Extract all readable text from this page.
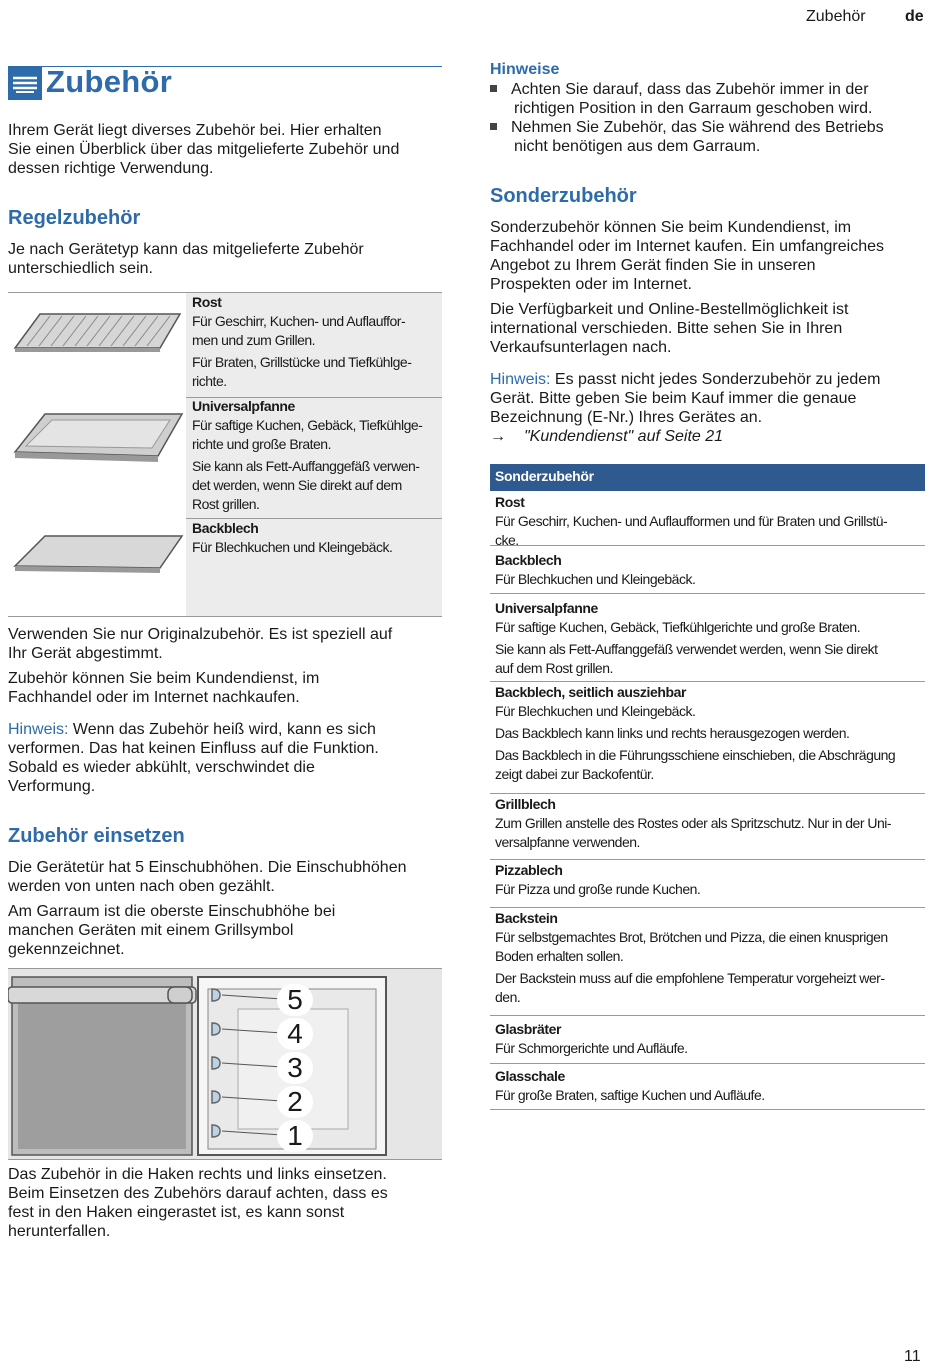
Zubehör de
Zubehör

Ihrem Gerät liegt diverses Zubehör bei. Hier erhalten

Sie einen Überblick über das mitgelieferte Zubehör und

dessen richtige Verwendung.

Regelzubehör

Je nach Gerätetyp kann das mitgelieferte Zubehör

unterschiedlich sein.

Rost
Für Geschirr, Kuchen- und Auflauffor-
men und zum Grillen.
Für Braten, Grillstücke und Tiefkühlge-
richte.
Universalpfanne
Für saftige Kuchen, Gebäck, Tiefkühlge-
richte und große Braten.
Sie kann als Fett-Auffanggefäß verwen-
det werden, wenn Sie direkt auf dem
Rost grillen.
Backblech
Für Blechkuchen und Kleingebäck.

Verwenden Sie nur Originalzubehör. Es ist speziell auf

Ihr Gerät abgestimmt.

Zubehör können Sie beim Kundendienst, im

Fachhandel oder im Internet nachkaufen.

Hinweis: Wenn das Zubehör heiß wird, kann es sich

verformen. Das hat keinen Einfluss auf die Funktion.

Sobald es wieder abkühlt, verschwindet die

Verformung.

Zubehör einsetzen

Die Gerätetür hat 5 Einschubhöhen. Die Einschubhöhen

werden von unten nach oben gezählt.

Am Garraum ist die oberste Einschubhöhe bei

manchen Geräten mit einem Grillsymbol

gekennzeichnet.

5
4
3
2
1

Das Zubehör in die Haken rechts und links einsetzen.

Beim Einsetzen des Zubehörs darauf achten, dass es

fest in den Haken eingerastet ist, es kann sonst

herunterfallen.

Hinweise

Achten Sie darauf, dass das Zubehör immer in der

richtigen Position in den Garraum geschoben wird.

Nehmen Sie Zubehör, das Sie während des Betriebs

nicht benötigen aus dem Garraum.

Sonderzubehör

Sonderzubehör können Sie beim Kundendienst, im

Fachhandel oder im Internet kaufen. Ein umfangreiches

Angebot zu Ihrem Gerät finden Sie in unseren

Prospekten oder im Internet.

Die Verfügbarkeit und Online-Bestellmöglichkeit ist

international verschieden. Bitte sehen Sie in Ihren

Verkaufsunterlagen nach.

Hinweis: Es passt nicht jedes Sonderzubehör zu jedem

Gerät. Bitte geben Sie beim Kauf immer die genaue

Bezeichnung (E-Nr.) Ihres Gerätes an.

→ "Kundendienst" auf Seite 21

Sonderzubehör
Rost
Für Geschirr, Kuchen- und Auflaufformen und für Braten und Grillstü-
cke.
Backblech
Für Blechkuchen und Kleingebäck.
Universalpfanne
Für saftige Kuchen, Gebäck, Tiefkühlgerichte und große Braten.
Sie kann als Fett-Auffanggefäß verwendet werden, wenn Sie direkt
auf dem Rost grillen.
Backblech, seitlich ausziehbar
Für Blechkuchen und Kleingebäck.
Das Backblech kann links und rechts herausgezogen werden.
Das Backblech in die Führungsschiene einschieben, die Abschrägung
zeigt dabei zur Backofentür.
Grillblech
Zum Grillen anstelle des Rostes oder als Spritzschutz. Nur in der Uni-
versalpfanne verwenden.
Pizzablech
Für Pizza und große runde Kuchen.
Backstein
Für selbstgemachtes Brot, Brötchen und Pizza, die einen knusprigen
Boden erhalten sollen.
Der Backstein muss auf die empfohlene Temperatur vorgeheizt wer-
den.
Glasbräter
Für Schmorgerichte und Aufläufe.
Glasschale
Für große Braten, saftige Kuchen und Aufläufe.
11
